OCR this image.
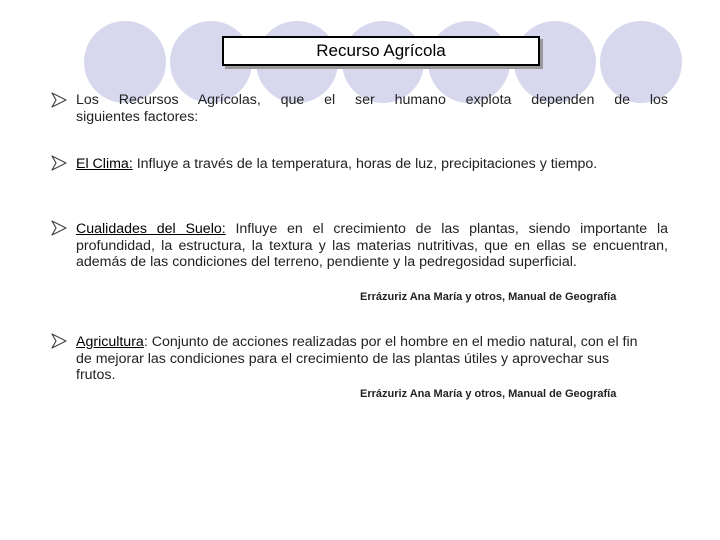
Recurso Agrícola
Los Recursos Agrícolas, que el ser humano explota dependen de los
siguientes factores:
El Clima: Influye a través de la temperatura, horas de luz, precipitaciones y tiempo.
Cualidades del Suelo: Influye en el crecimiento de las plantas, siendo importante la profundidad, la estructura, la textura y las materias nutritivas, que en ellas se encuentran, además de las condiciones del terreno, pendiente y la pedregosidad superficial.
Errázuriz Ana María y otros, Manual de Geografía
Agricultura: Conjunto de acciones realizadas por el hombre en el medio natural, con el fin de mejorar las condiciones para el crecimiento de las plantas útiles y aprovechar sus frutos.
Errázuriz Ana María y otros, Manual de Geografía
